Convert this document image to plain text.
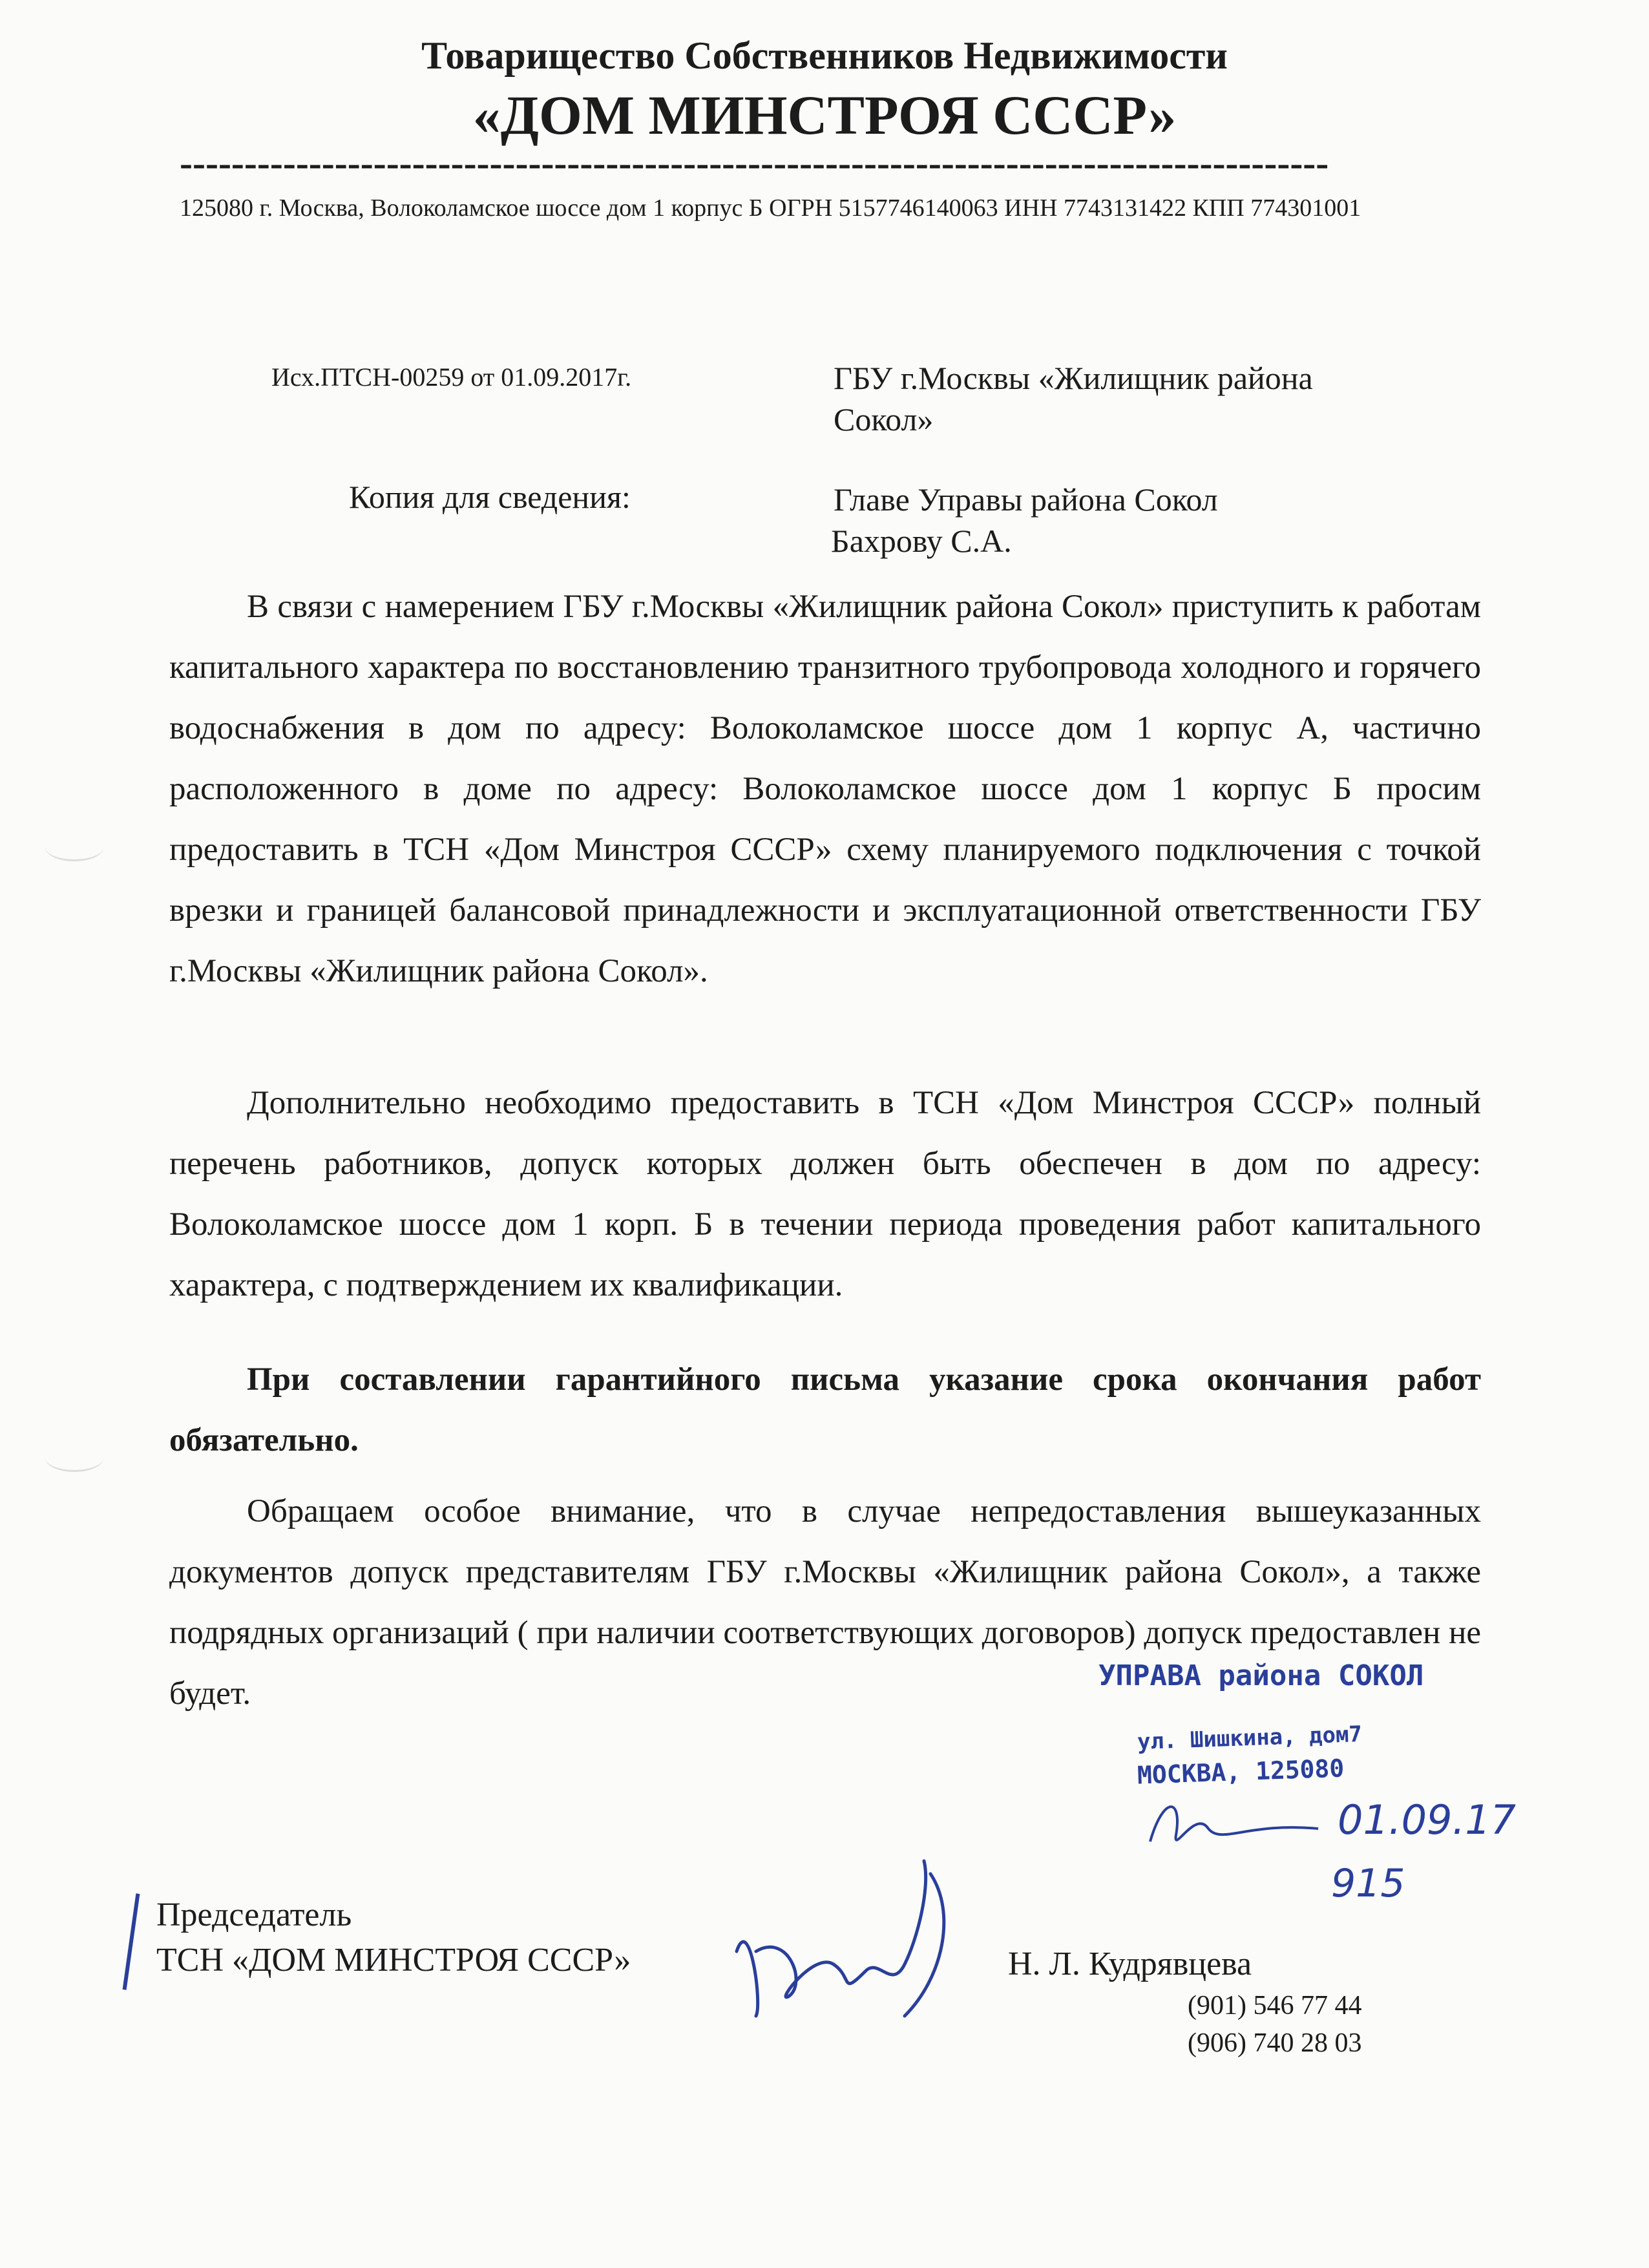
Товарищество Собственников Недвижимости
«ДОМ МИНСТРОЯ СССР»
-----------------------------------------------------------------------------------------
125080 г. Москва, Волоколамское шоссе дом 1 корпус Б ОГРН 5157746140063 ИНН 7743131422 КПП 774301001
Исх.ПТСН-00259 от 01.09.2017г.	ГБУ г.Москвы «Жилищник района
Сокол»
Копия для сведения:	Главе Управы района Сокол
Бахрову С.А.
В связи с намерением ГБУ г.Москвы «Жилищник района Сокол» приступить к работам капитального характера по восстановлению транзитного трубопровода холодного и горячего водоснабжения в дом по адресу: Волоколамское шоссе дом 1 корпус А, частично расположенного в доме по адресу: Волоколамское шоссе дом 1 корпус Б просим предоставить в ТСН «Дом Минстроя СССР» схему планируемого подключения с точкой врезки и границей балансовой принадлежности и эксплуатационной ответственности ГБУ г.Москвы «Жилищник района Сокол».
Дополнительно необходимо предоставить в ТСН «Дом Минстроя СССР» полный перечень работников, допуск которых должен быть обеспечен в дом по адресу: Волоколамское шоссе дом 1 корп. Б в течении периода проведения работ капитального характера, с подтверждением их квалификации.
При составлении гарантийного письма указание срока окончания работ обязательно.
Обращаем особое внимание, что в случае непредоставления вышеуказанных документов допуск представителям ГБУ г.Москвы «Жилищник района Сокол», а также подрядных организаций ( при наличии соответствующих договоров) допуск предоставлен не будет.	УПРАВА района СОКОЛ
ул. Шишкина, дом7
МОСКВА, 125080
01.09.17
915
Председатель
ТСН «ДОМ МИНСТРОЯ СССР»	Н. Л. Кудрявцева
(901) 546 77 44
(906) 740 28 03
